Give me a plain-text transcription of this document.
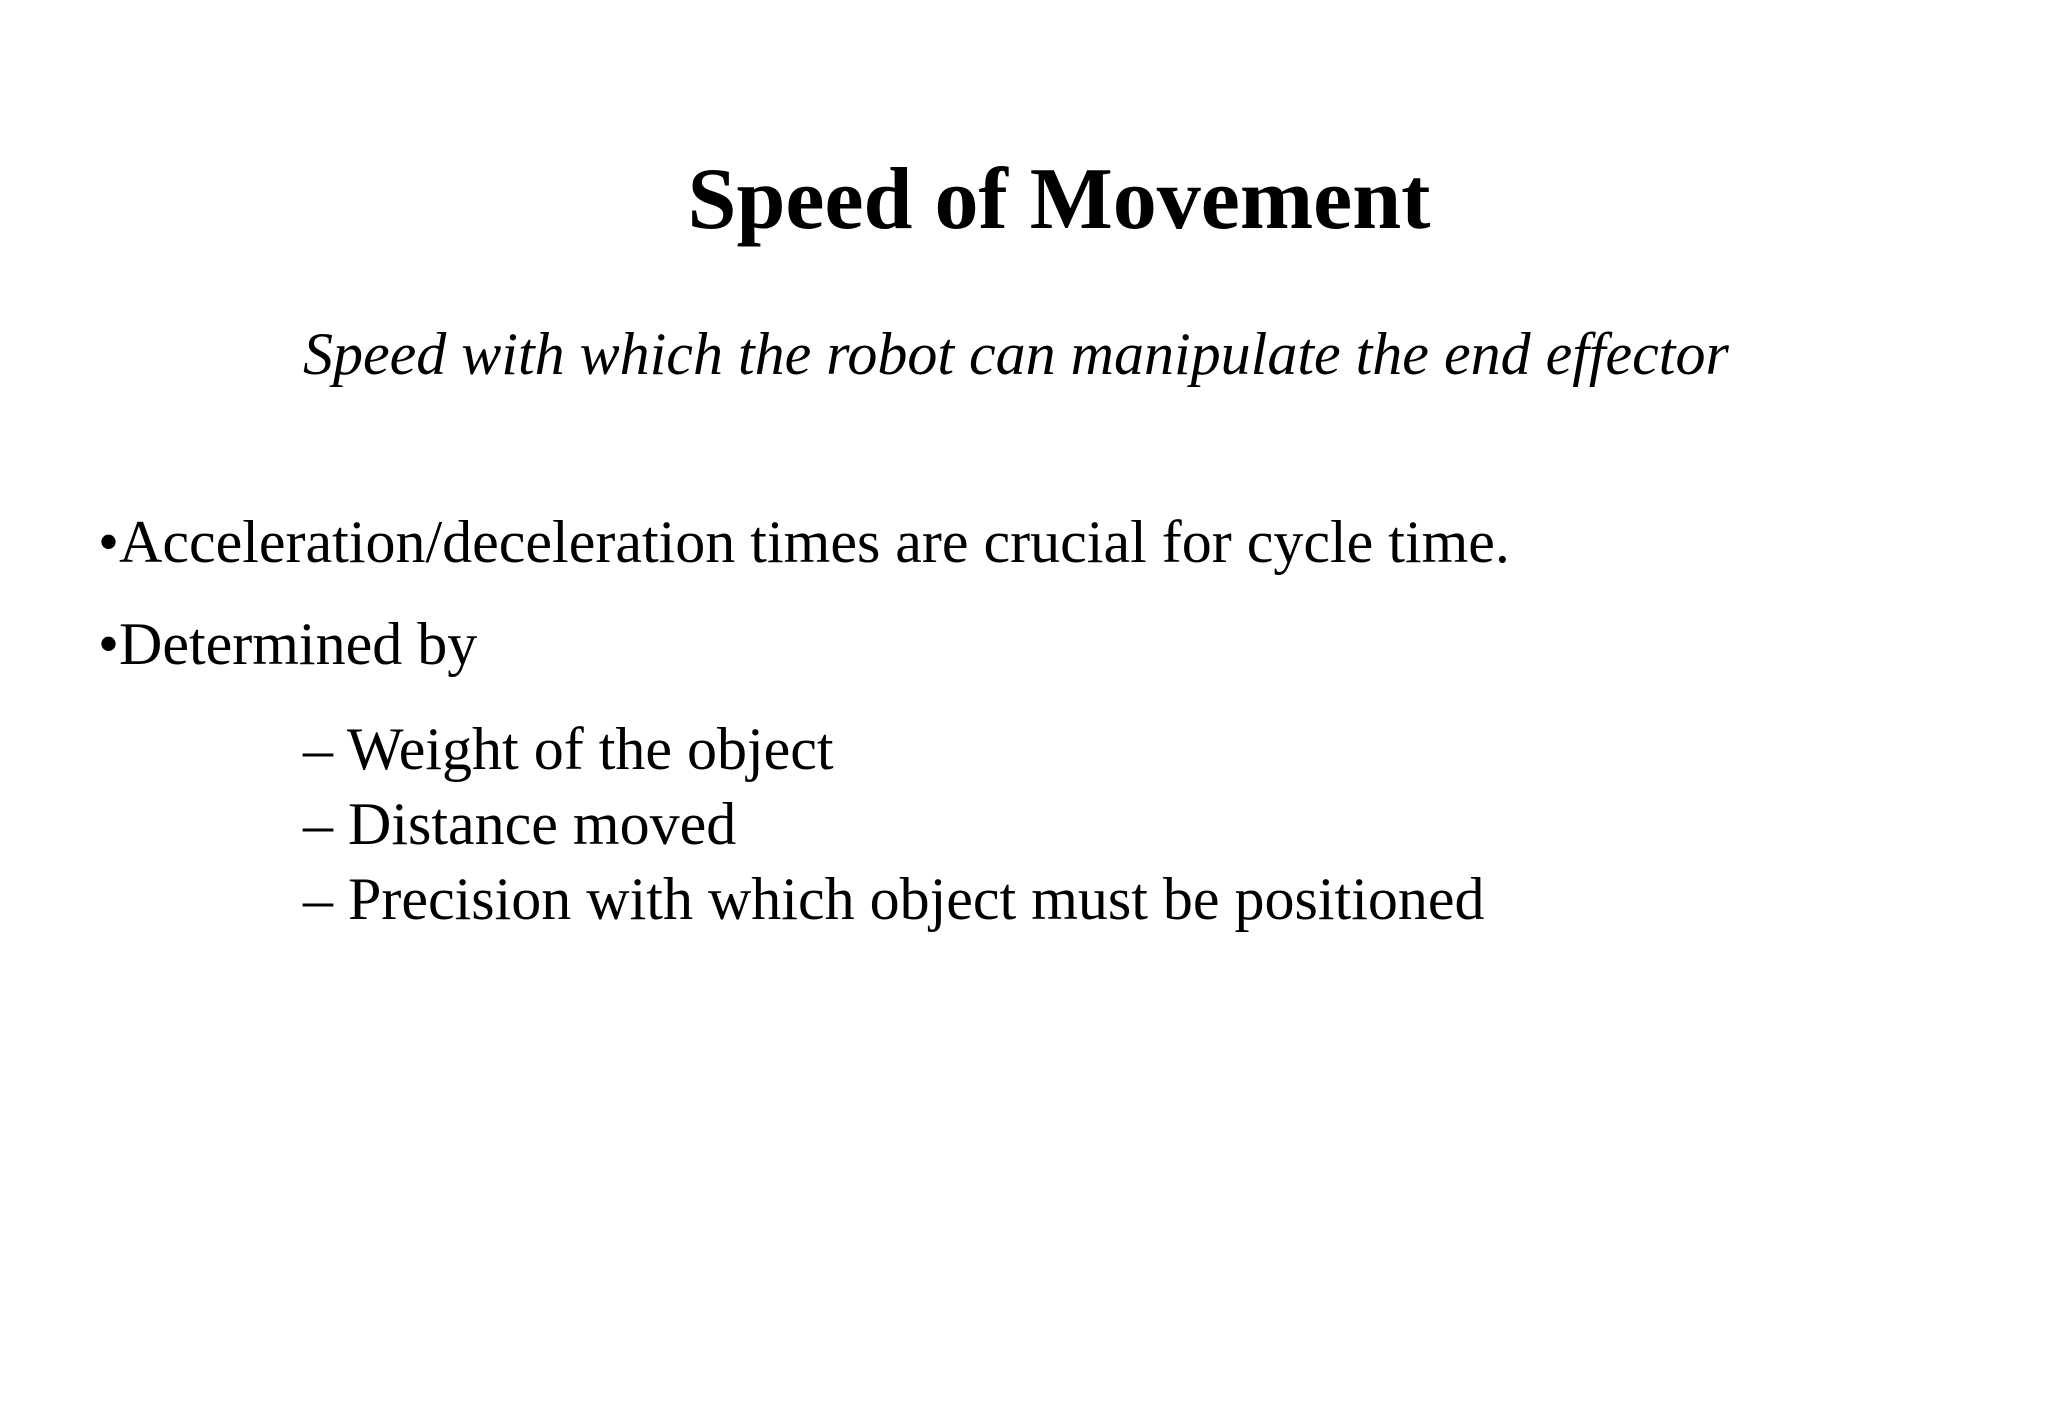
Speed of Movement

Speed with which the robot can manipulate the end effector

•Acceleration/deceleration times are crucial for cycle time.
•Determined by
– Weight of the object
– Distance moved
– Precision with which object must be positioned
